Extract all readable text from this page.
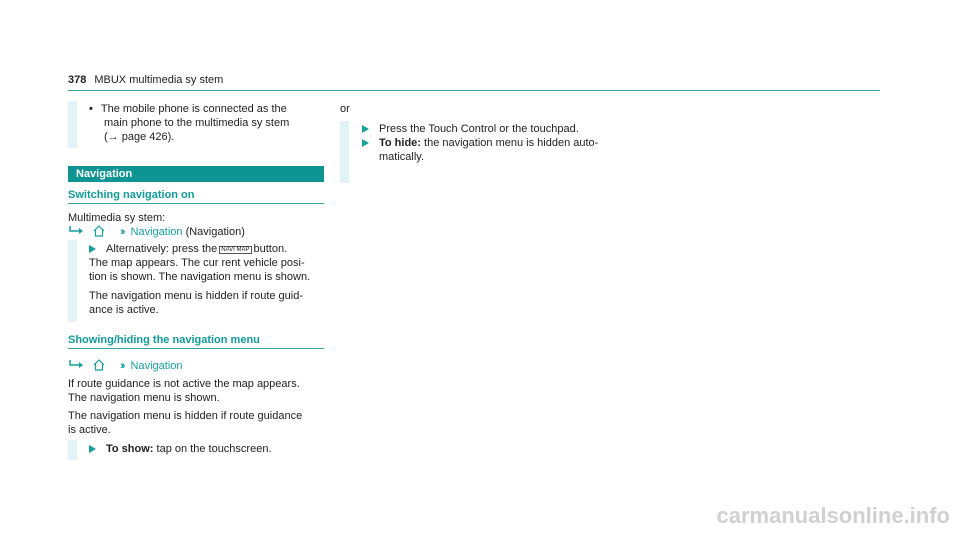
378 MBUX multimedia sy stem
• The mobile phone is connected as the
main phone to the multimedia sy stem
(→ page 426).
Navigation
Switching navigation on
Multimedia sy stem:
›› Navigation (Navigation)
Alternatively: press the NAVI MAP button.
The map appears. The cur rent vehicle posi-
tion is shown. The navigation menu is shown.
The navigation menu is hidden if route guid-
ance is active.
Showing/hiding the navigation menu
›› Navigation
If route guidance is not active the map appears.
The navigation menu is shown.
The navigation menu is hidden if route guidance
is active.
To show: tap on the touchscreen.
or
Press the Touch Control or the touchpad.
To hide: the navigation menu is hidden auto-
matically.
carmanualsonline.info
